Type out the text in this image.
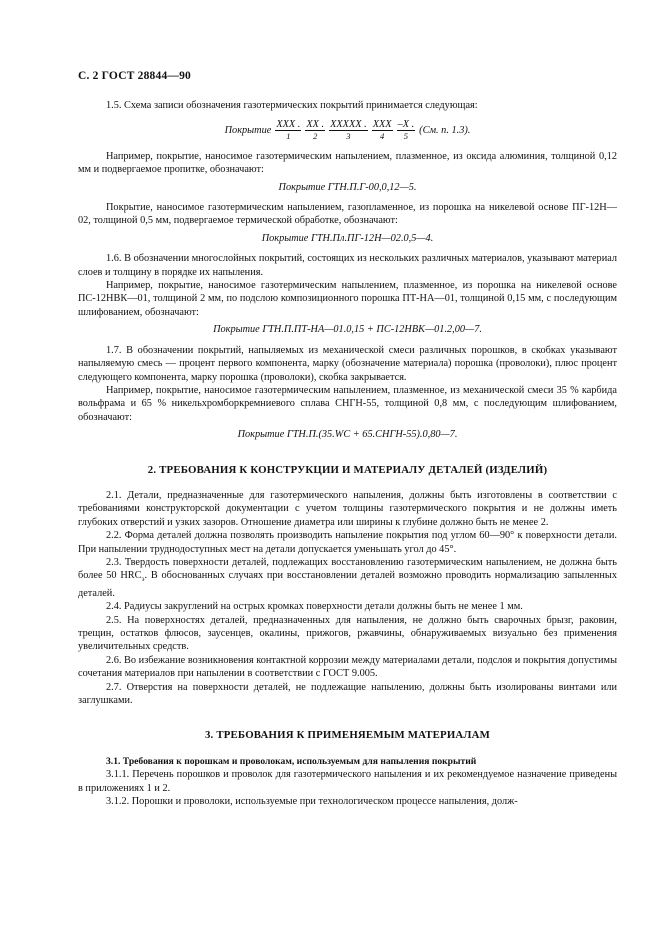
С. 2 ГОСТ 28844—90

1.5. Схема записи обозначения газотермических покрытий принимается следующая:

Покрытие $\frac{\text{XXX .}}{1} \frac{XX .}{2} \frac{\text{XXXXX .}}{3} \frac{\text{XXX}}{4} \frac{-X .}{5} (См$. п. 1.3).

Например, покрытие, наносимое газотермическим напылением, плазменное, из оксида алюминия, толщиной 0,12 мм и подвергаемое пропитке, обозначают:

Покрытие ГТН.П.Г-00,0,12—5.

Покрытие, наносимое газотермическим напылением, газопламенное, из порошка на никелевой основе ПГ-12Н—02, толщиной 0,5 мм, подвергаемое термической обработке, обозначают:

Покрытие ГТН.Пл.ПГ-12Н—02.0,5—4.

1.6. В обозначении многослойных покрытий, состоящих из нескольких различных материалов, указывают материал слоев и толщину в порядке их напыления.

Например, покрытие, наносимое газотермическим напылением, плазменное, из порошка на никелевой основе ПС-12НВК—01, толщиной 2 мм, по подслою композиционного порошка ПТ-НА—01, толщиной 0,15 мм, с последующим шлифованием, обозначают:

Покрытие ГТН.П.ПТ-НА—01.0,15 + ПС-12НВК—01.2,00—7.

1.7. В обозначении покрытий, напыляемых из механической смеси различных порошков, в скобках указывают напыляемую смесь — процент первого компонента, марку (обозначение материала) порошка (проволоки), плюс процент следующего компонента, марку порошка (проволоки), скобка закрывается.

Например, покрытие, наносимое газотермическим напылением, плазменное, из механической смеси 35 % карбида вольфрама и 65 % никельхромборкремниевого сплава СНГН-55, толщиной 0,8 мм, с последующим шлифованием, обозначают:

Покрытие ГТН.П.(35.WC + 65.СНГН-55).0,80—7.
2. ТРЕБОВАНИЯ К КОНСТРУКЦИИ И МАТЕРИАЛУ ДЕТАЛЕЙ (ИЗДЕЛИЙ)

2.1. Детали, предназначенные для газотермического напыления, должны быть изготовлены в соответствии с требованиями конструкторской документации с учетом толщины газотермического покрытия и не должны иметь глубоких отверстий и узких зазоров. Отношение диаметра или ширины к глубине должно быть не менее 2.

2.2. Форма деталей должна позволять производить напыление покрытия под углом 60—90° к поверхности детали. При напылении труднодоступных мест на детали допускается уменьшать угол до 45°.

2.3. Твердость поверхности деталей, подлежащих восстановлению газотермическим напылением, не должна быть более 50 $HRC_э$. В обоснованных случаях при восстановлении деталей возможно проводить нормализацию запыленных деталей.

2.4. Радиусы закруглений на острых кромках поверхности детали должны быть не менее 1 мм.

2.5. На поверхностях деталей, предназначенных для напыления, не должно быть сварочных брызг, раковин, трещин, остатков флюсов, заусенцев, окалины, прижогов, ржавчины, обнаруживаемых визуально без применения увеличительных средств.

2.6. Во избежание возникновения контактной коррозии между материалами детали, подслоя и покрытия допустимы сочетания материалов при напылении в соответствии с ГОСТ 9.005.

2.7. Отверстия на поверхности деталей, не подлежащие напылению, должны быть изолированы винтами или заглушками.

3. ТРЕБОВАНИЯ К ПРИМЕНЯЕМЫМ МАТЕРИАЛАМ

3.1. Требования к порошкам и проволокам, используемым для напыления покрытий

3.1.1. Перечень порошков и проволок для газотермического напыления и их рекомендуемое назначение приведены в приложениях 1 и 2.

3.1.2. Порошки и проволоки, используемые при технологическом процессе напыления, долж-
